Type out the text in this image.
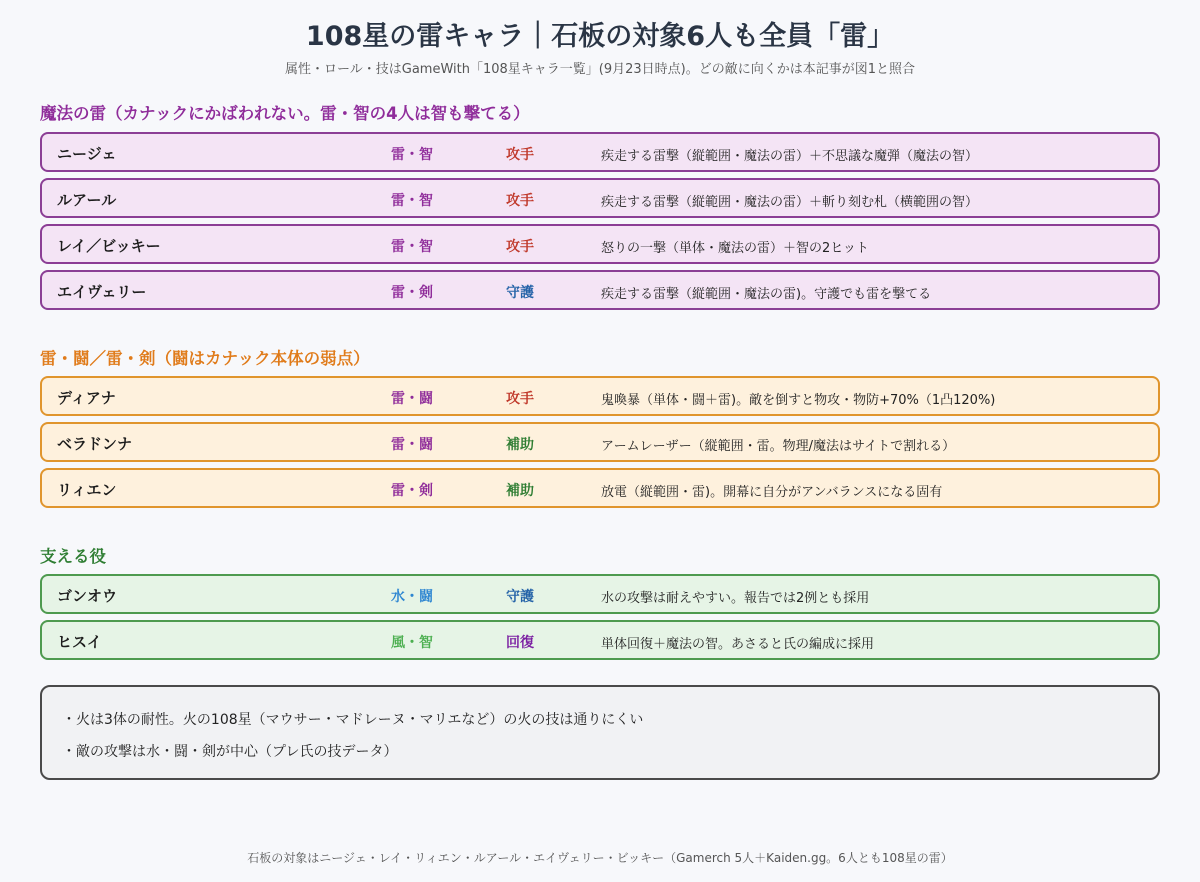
108星の雷キャラ｜石板の対象6人も全員「雷」
属性・ロール・技はGameWith「108星キャラ一覧」(9月23日時点)。どの敵に向くかは本記事が図1と照合
魔法の雷（カナックにかばわれない。雷・智の4人は智も撃てる）
ニージェ	雷・智	攻手	疾走する雷撃（縦範囲・魔法の雷）＋不思議な魔弾（魔法の智）
ルアール	雷・智	攻手	疾走する雷撃（縦範囲・魔法の雷）＋斬り刻む札（横範囲の智）
レイ／ビッキー	雷・智	攻手	怒りの一撃（単体・魔法の雷）＋智の2ヒット
エイヴェリー	雷・剣	守護	疾走する雷撃（縦範囲・魔法の雷)。守護でも雷を撃てる
雷・闘／雷・剣（闘はカナック本体の弱点）
ディアナ	雷・闘	攻手	鬼喚暴（単体・闘＋雷)。敵を倒すと物攻・物防+70%（1凸120%)
ベラドンナ	雷・闘	補助	アームレーザー（縦範囲・雷。物理/魔法はサイトで割れる）
リィエン	雷・剣	補助	放電（縦範囲・雷)。開幕に自分がアンバランスになる固有
支える役
ゴンオウ	水・闘	守護	水の攻撃は耐えやすい。報告では2例とも採用
ヒスイ	風・智	回復	単体回復＋魔法の智。あさると氏の編成に採用
・火は3体の耐性。火の108星（マウサー・マドレーヌ・マリエなど）の火の技は通りにくい
・敵の攻撃は水・闘・剣が中心（プレ氏の技データ）
石板の対象はニージェ・レイ・リィエン・ルアール・エイヴェリー・ビッキー（Gamerch 5人＋Kaiden.gg。6人とも108星の雷）
